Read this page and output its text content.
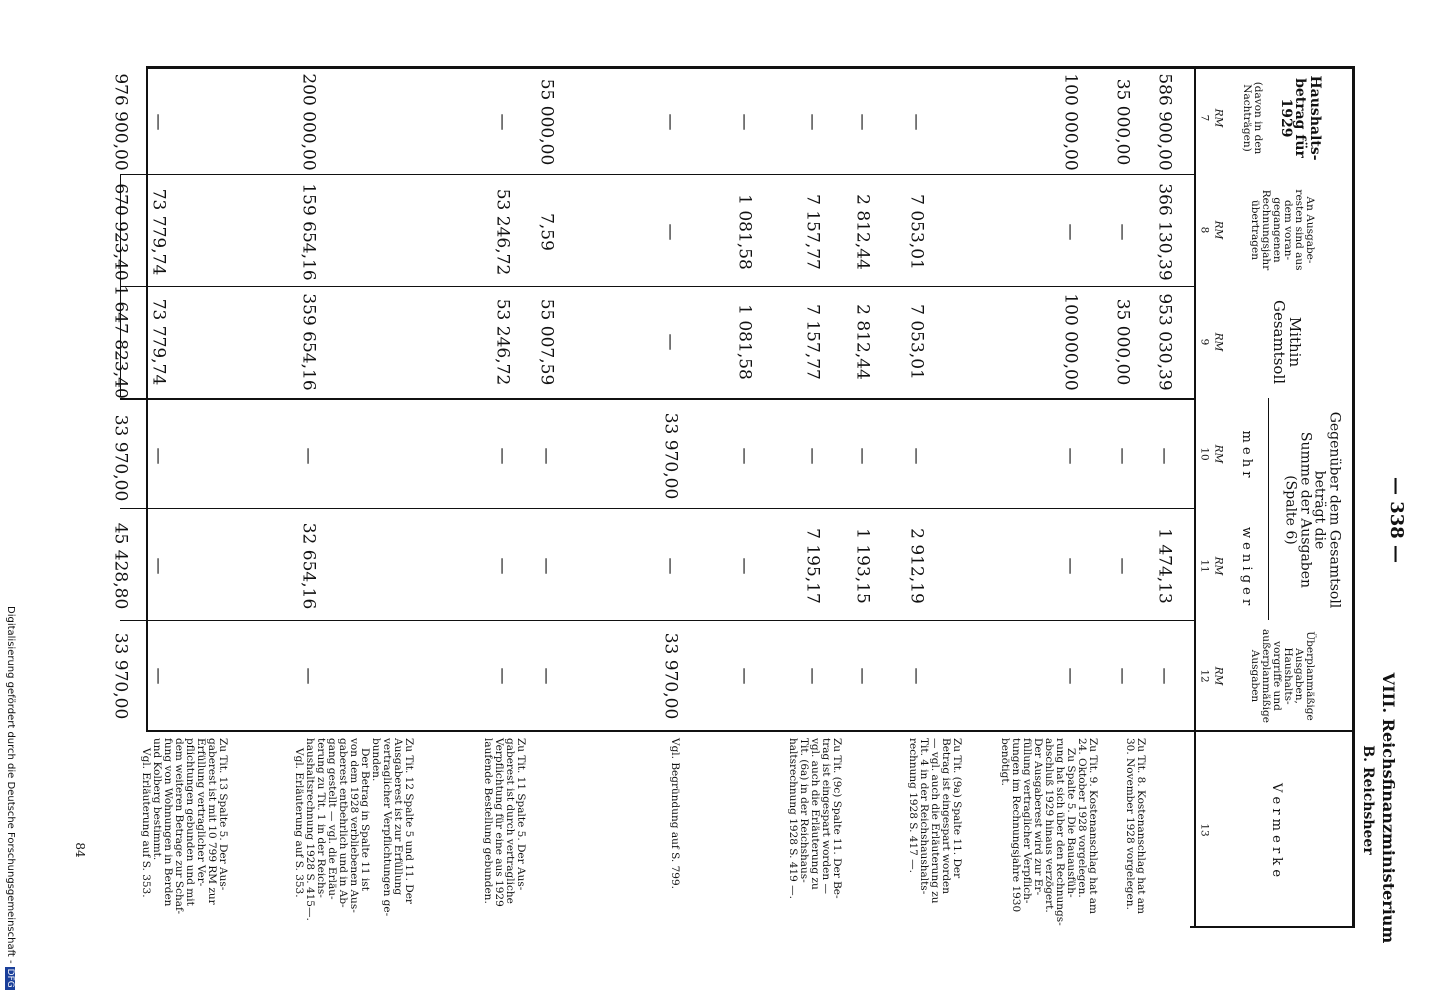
— 338 —
VIII. Reichsfinanzministerium
B. Reichsheer
Haushalts-
betrag für
1929
(davon in den
Nachträgen)
RM
7
An Ausgabe-
resten sind aus
dem voran-
gegangenen
Rechnungsjahr
übertragen
RM
8
Mithin
Gesamtsoll
RM
9
Gegenüber dem Gesamtsoll
beträgt die
Summe der Ausgaben
(Spalte 6)
m e h r
RM
10
w e n i g e r
RM
11
Überplanmäßige
Ausgaben,
Haushalts-
vorgriffe und
außerplanmäßige
Ausgaben
RM
12
V e r m e r k e
13
586 900,00
366 130,39
953 030,39
—
1 474,13
—
35 000,00
—
35 000,00
—
—
—
100 000,00
—
100 000,00
—
—
—
—
7 053,01
7 053,01
—
2 912,19
—
—
2 812,44
2 812,44
—
1 193,15
—
—
7 157,77
7 157,77
—
7 195,17
—
—
1 081,58
1 081,58
—
—
—
—
—
—
33 970,00
—
33 970,00
55 000,00
7,59
55 007,59
—
—
—
—
53 246,72
53 246,72
—
—
—
200 000,00
159 654,16
359 654,16
—
32 654,16
—
—
73 779,74
73 779,74
—
—
—
976 900,00
670 923,40
1 647 823,40
33 970,00
45 428,80
33 970,00
Zu Tit. 8. Kostenanschlag hat am
30. November 1928 vorgelegen.
Zu Tit. 9. Kostenanschlag hat am
24. Oktober 1928 vorgelegen.
Zu Spalte 5. Die Bauausfüh-
rung hat sich über den Rechnungs-
abschluß 1929 hinaus verzögert.
Der Ausgaberest wird zur Er-
füllung vertraglicher Verpflich-
tungen im Rechnungsjahre 1930
benötigt.
Zu Tit. (9a) Spalte 11. Der
Betrag ist eingespart worden
— vgl. auch die Erläuterung zu
Tit. 4 in der Reichshaushalts-
rechnung 1928 S. 417 —.
Zu Tit. (9c) Spalte 11. Der Be-
trag ist eingespart worden —
vgl. auch die Erläuterung zu
Tit. (6a) in der Reichshaus-
haltsrechnung 1928 S. 419 —.
Vgl. Begründung auf S. 799.
Zu Tit. 11 Spalte 5. Der Aus-
gaberest ist durch vertragliche
Verpflichtung für eine aus 1929
laufende Bestellung gebunden.
Zu Tit. 12 Spalte 5 und 11. Der
Ausgaberest ist zur Erfüllung
vertraglicher Verpflichtungen ge-
bunden.
Der Betrag in Spalte 11 ist
von dem 1928 verbliebenen Aus-
gaberest entbehrlich und in Ab-
gang gestellt — vgl. die Erläu-
terung zu Tit. 1 in der Reichs-
haushaltsrechnung 1928 S. 415—.
Vgl. Erläuterung auf S. 353.
Zu Tit. 13 Spalte 5. Der Aus-
gaberest ist mit 10 799 RM zur
Erfüllung vertraglicher Ver-
pflichtungen gebunden und mit
dem weiteren Betrage zur Schaf-
fung von Wohnungen in Berden
und Kolberg bestimmt.
Vgl. Erläuterung auf S. 353.
84
Digitalisierung gefördert durch die Deutsche Forschungsgemeinschaft -DFG
